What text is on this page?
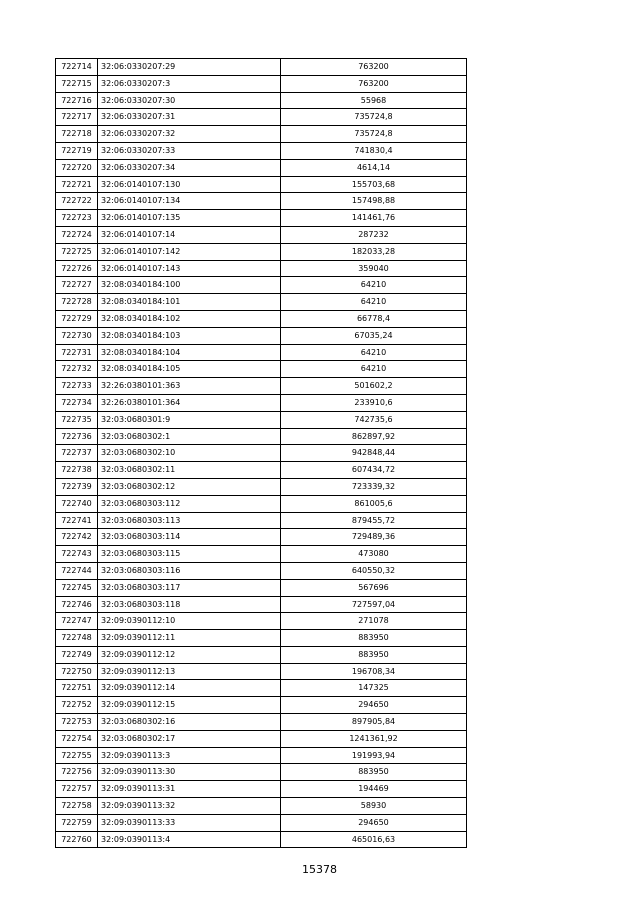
722714	32:06:0330207:29	763200
722715	32:06:0330207:3	763200
722716	32:06:0330207:30	55968
722717	32:06:0330207:31	735724,8
722718	32:06:0330207:32	735724,8
722719	32:06:0330207:33	741830,4
722720	32:06:0330207:34	4614,14
722721	32:06:0140107:130	155703,68
722722	32:06:0140107:134	157498,88
722723	32:06:0140107:135	141461,76
722724	32:06:0140107:14	287232
722725	32:06:0140107:142	182033,28
722726	32:06:0140107:143	359040
722727	32:08:0340184:100	64210
722728	32:08:0340184:101	64210
722729	32:08:0340184:102	66778,4
722730	32:08:0340184:103	67035,24
722731	32:08:0340184:104	64210
722732	32:08:0340184:105	64210
722733	32:26:0380101:363	501602,2
722734	32:26:0380101:364	233910,6
722735	32:03:0680301:9	742735,6
722736	32:03:0680302:1	862897,92
722737	32:03:0680302:10	942848,44
722738	32:03:0680302:11	607434,72
722739	32:03:0680302:12	723339,32
722740	32:03:0680303:112	861005,6
722741	32:03:0680303:113	879455,72
722742	32:03:0680303:114	729489,36
722743	32:03:0680303:115	473080
722744	32:03:0680303:116	640550,32
722745	32:03:0680303:117	567696
722746	32:03:0680303:118	727597,04
722747	32:09:0390112:10	271078
722748	32:09:0390112:11	883950
722749	32:09:0390112:12	883950
722750	32:09:0390112:13	196708,34
722751	32:09:0390112:14	147325
722752	32:09:0390112:15	294650
722753	32:03:0680302:16	897905,84
722754	32:03:0680302:17	1241361,92
722755	32:09:0390113:3	191993,94
722756	32:09:0390113:30	883950
722757	32:09:0390113:31	194469
722758	32:09:0390113:32	58930
722759	32:09:0390113:33	294650
722760	32:09:0390113:4	465016,63
15378
